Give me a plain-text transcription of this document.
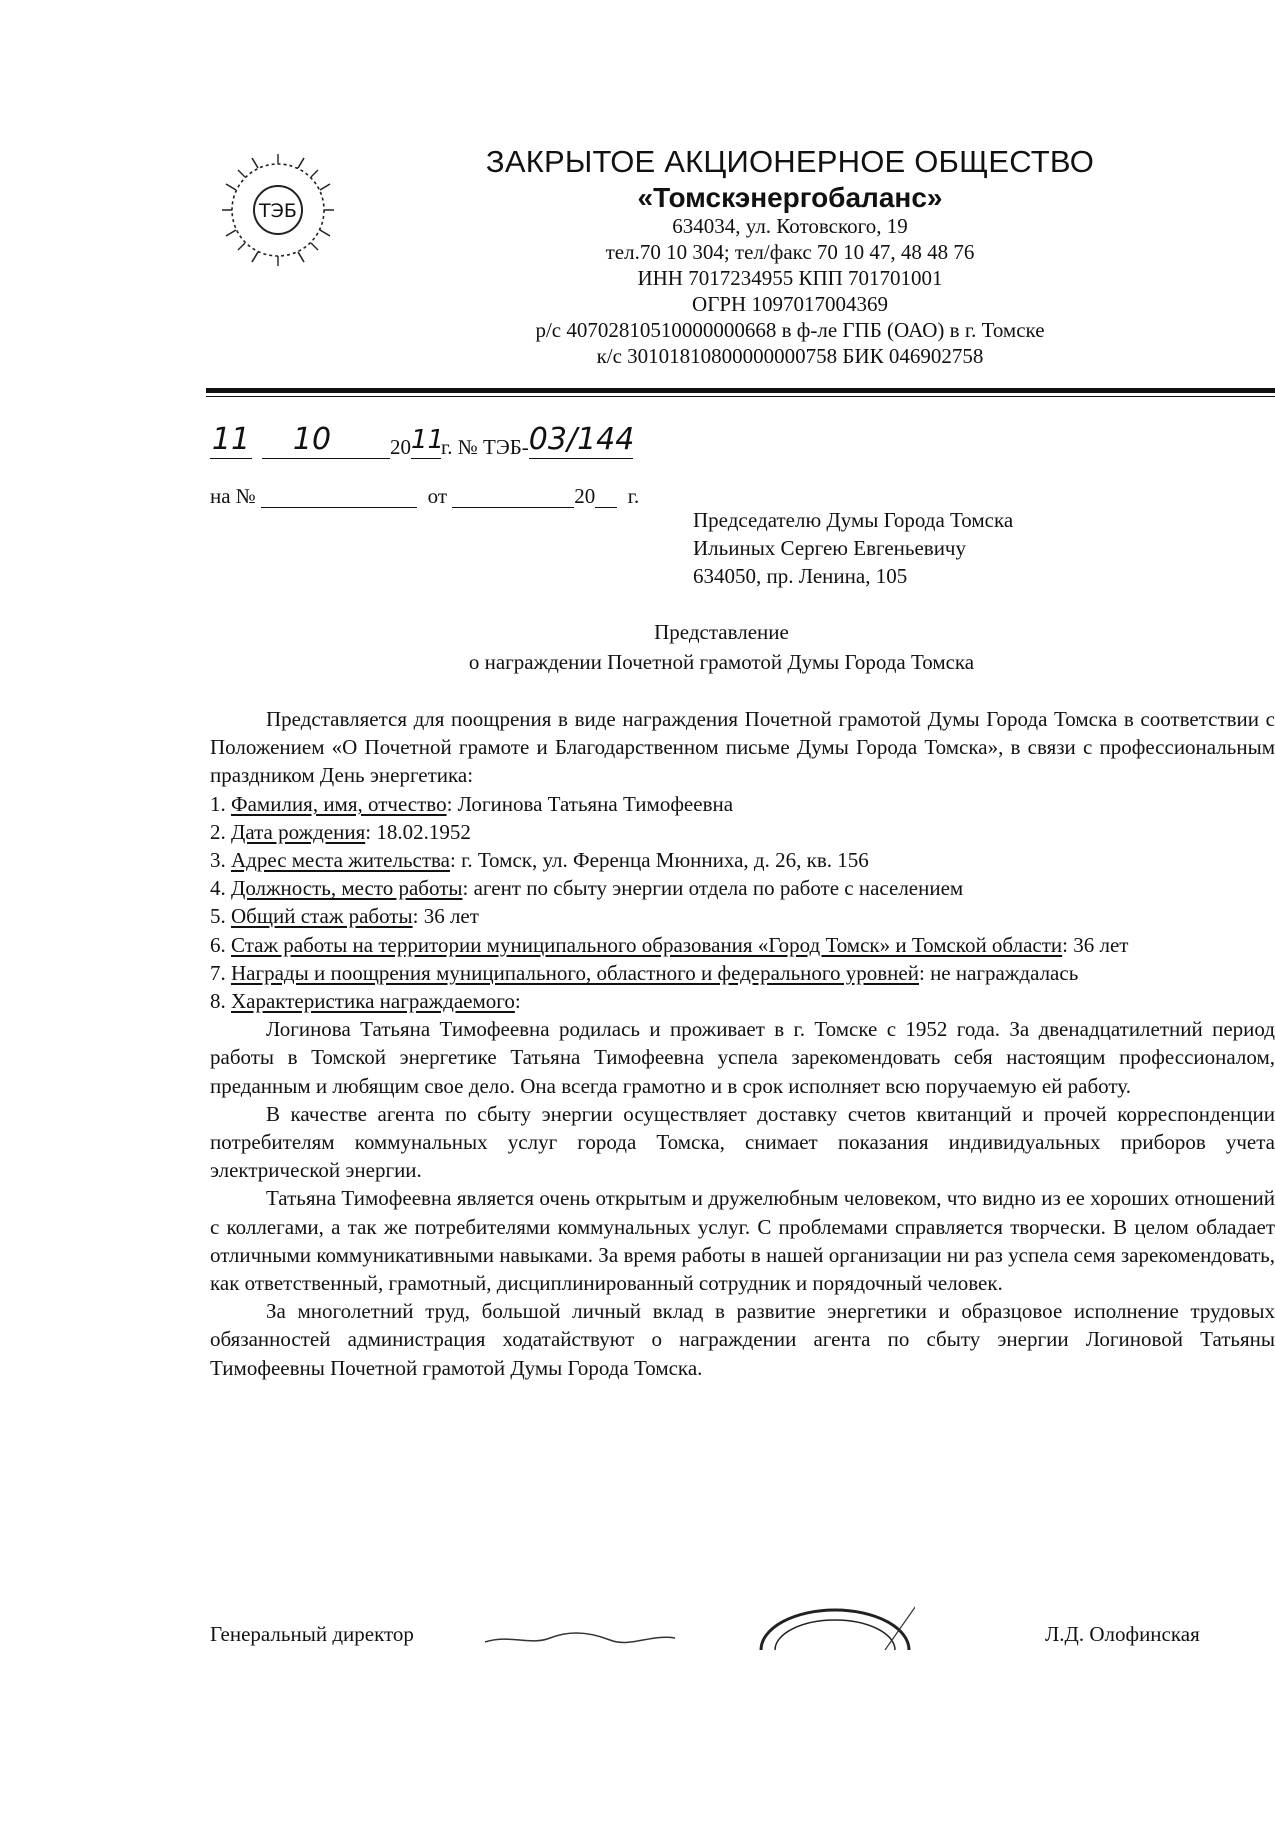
ТЭБ
ЗАКРЫТОЕ АКЦИОНЕРНОЕ ОБЩЕСТВО
«Томскэнергобаланс»
634034, ул. Котовского, 19
тел.70 10 304; тел/факс 70 10 47, 48 48 76
ИНН 7017234955 КПП 701701001
ОГРН 1097017004369
р/с 40702810510000000668 в ф-ле ГПБ (ОАО) в г. Томске
к/с 30101810800000000758 БИК 046902758
11 10	2011г. № ТЭБ-03/144
на №	от	20 г.
Председателю Думы Города Томска
Ильиных Сергею Евгеньевичу
634050, пр. Ленина, 105
Представление
о награждении Почетной грамотой Думы Города Томска

Представляется для поощрения в виде награждения Почетной грамотой Думы Города Томска в соответствии с Положением «О Почетной грамоте и Благодарственном письме Думы Города Томска», в связи с профессиональным праздником День энергетика:

1. Фамилия, имя, отчество: Логинова Татьяна Тимофеевна

2. Дата рождения: 18.02.1952

3. Адрес места жительства: г. Томск, ул. Ференца Мюнниха, д. 26, кв. 156

4. Должность, место работы: агент по сбыту энергии отдела по работе с населением

5. Общий стаж работы: 36 лет

6. Стаж работы на территории муниципального образования «Город Томск» и Томской области: 36 лет

7. Награды и поощрения муниципального, областного и федерального уровней: не награждалась

8. Характеристика награждаемого:

Логинова Татьяна Тимофеевна родилась и проживает в г. Томске с 1952 года. За двенадцатилетний период работы в Томской энергетике Татьяна Тимофеевна успела зарекомендовать себя настоящим профессионалом, преданным и любящим свое дело. Она всегда грамотно и в срок исполняет всю поручаемую ей работу.

В качестве агента по сбыту энергии осуществляет доставку счетов квитанций и прочей корреспонденции потребителям коммунальных услуг города Томска, снимает показания индивидуальных приборов учета электрической энергии.

Татьяна Тимофеевна является очень открытым и дружелюбным человеком, что видно из ее хороших отношений с коллегами, а так же потребителями коммунальных услуг. С проблемами справляется творчески. В целом обладает отличными коммуникативными навыками. За время работы в нашей организации ни раз успела семя зарекомендовать, как ответственный, грамотный, дисциплинированный сотрудник и порядочный человек.

За многолетний труд, большой личный вклад в развитие энергетики и образцовое исполнение трудовых обязанностей администрация ходатайствуют о награждении агента по сбыту энергии Логиновой Татьяны Тимофеевны Почетной грамотой Думы Города Томска.

Генеральный директор	Л.Д. Олофинская
